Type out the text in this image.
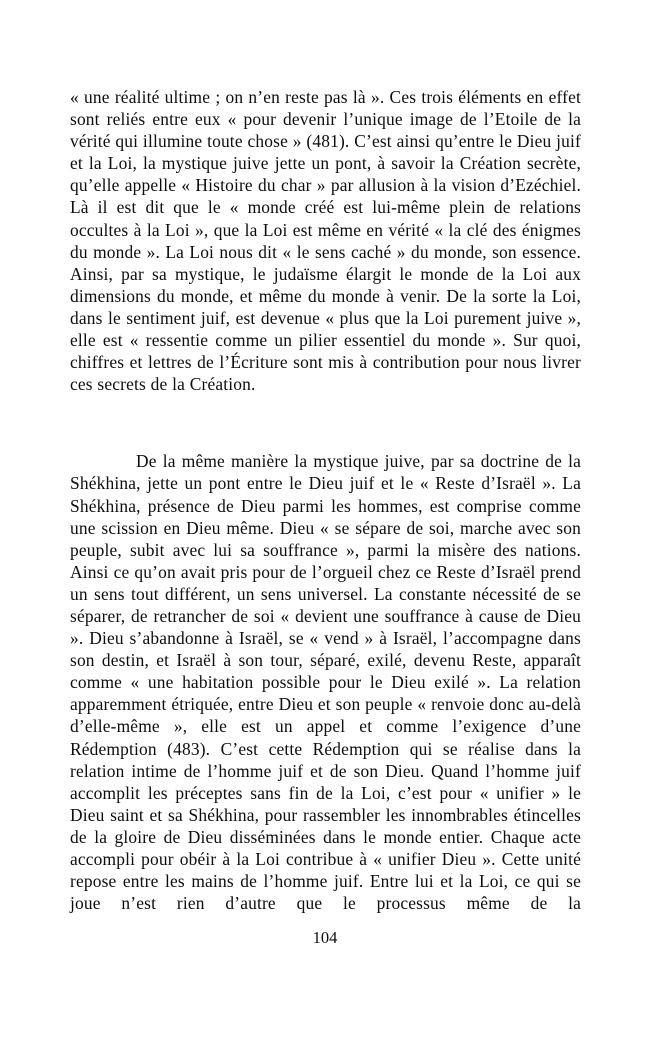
« une réalité ultime ; on n’en reste pas là ». Ces trois éléments en effet sont reliés entre eux « pour devenir l’unique image de l’Etoile de la vérité qui illumine toute chose » (481). C’est ainsi qu’entre le Dieu juif et la Loi, la mystique juive jette un pont, à savoir la Création secrète, qu’elle appelle « Histoire du char » par allusion à la vision d’Ezéchiel. Là il est dit que le « monde créé est lui-même plein de relations occultes à la Loi », que la Loi est même en vérité « la clé des énigmes du monde ». La Loi nous dit « le sens caché » du monde, son essence. Ainsi, par sa mystique, le judaïsme élargit le monde de la Loi aux dimensions du monde, et même du monde à venir. De la sorte la Loi, dans le sentiment juif, est devenue « plus que la Loi purement juive », elle est « ressentie comme un pilier essentiel du monde ». Sur quoi, chiffres et lettres de l’Écriture sont mis à contribution pour nous livrer ces secrets de la Création.

De la même manière la mystique juive, par sa doctrine de la Shékhina, jette un pont entre le Dieu juif et le « Reste d’Israël ». La Shékhina, présence de Dieu parmi les hommes, est comprise comme une scission en Dieu même. Dieu « se sépare de soi, marche avec son peuple, subit avec lui sa souffrance », parmi la misère des nations. Ainsi ce qu’on avait pris pour de l’orgueil chez ce Reste d’Israël prend un sens tout différent, un sens universel. La constante nécessité de se séparer, de retrancher de soi « devient une souffrance à cause de Dieu ». Dieu s’abandonne à Israël, se « vend » à Israël, l’accompagne dans son destin, et Israël à son tour, séparé, exilé, devenu Reste, apparaît comme « une habitation possible pour le Dieu exilé ». La relation apparemment étriquée, entre Dieu et son peuple « renvoie donc au-delà d’elle-même », elle est un appel et comme l’exigence d’une Rédemption (483). C’est cette Rédemption qui se réalise dans la relation intime de l’homme juif et de son Dieu. Quand l’homme juif accomplit les préceptes sans fin de la Loi, c’est pour « unifier » le Dieu saint et sa Shékhina, pour rassembler les innombrables étincelles de la gloire de Dieu disséminées dans le monde entier. Chaque acte accompli pour obéir à la Loi contribue à « unifier Dieu ». Cette unité repose entre les mains de l’homme juif. Entre lui et la Loi, ce qui se joue n’est rien d’autre que le processus même de la

104
